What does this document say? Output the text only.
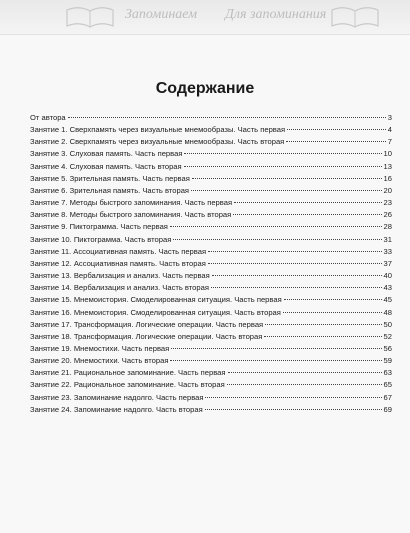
Запоминаем Для запоминания
Содержание
От автора	3
Занятие 1. Сверхпамять через визуальные мнемообразы. Часть первая	4
Занятие 2. Сверхпамять через визуальные мнемообразы. Часть вторая	7
Занятие 3. Слуховая память. Часть первая	10
Занятие 4. Слуховая память. Часть вторая	13
Занятие 5. Зрительная память. Часть первая	16
Занятие 6. Зрительная память. Часть вторая	20
Занятие 7. Методы быстрого запоминания. Часть первая	23
Занятие 8. Методы быстрого запоминания. Часть вторая	26
Занятие 9. Пиктограмма. Часть первая	28
Занятие 10. Пиктограмма. Часть вторая	31
Занятие 11. Ассоциативная память. Часть первая	33
Занятие 12. Ассоциативная память. Часть вторая	37
Занятие 13. Вербализация и анализ. Часть первая	40
Занятие 14. Вербализация и анализ. Часть вторая	43
Занятие 15. Мнемоистория. Смоделированная ситуация. Часть первая	45
Занятие 16. Мнемоистория. Смоделированная ситуация. Часть вторая	48
Занятие 17. Трансформация. Логические операции. Часть первая	50
Занятие 18. Трансформация. Логические операции. Часть вторая	52
Занятие 19. Мнемостихи. Часть первая	56
Занятие 20. Мнемостихи. Часть вторая	59
Занятие 21. Рациональное запоминание. Часть первая	63
Занятие 22. Рациональное запоминание. Часть вторая	65
Занятие 23. Запоминание надолго. Часть первая	67
Занятие 24. Запоминание надолго. Часть вторая	69
